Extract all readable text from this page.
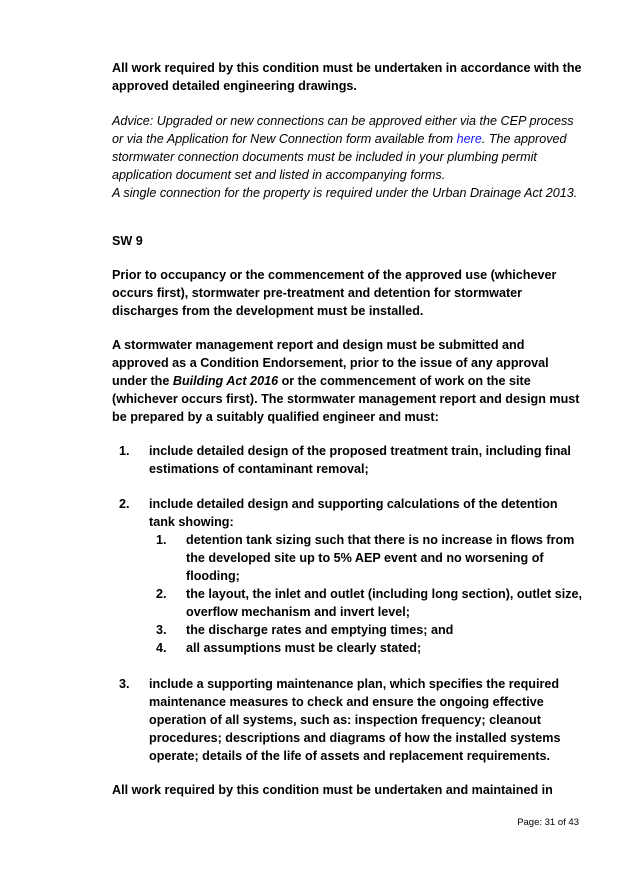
All work required by this condition must be undertaken in accordance with the
approved detailed engineering drawings.
Advice: Upgraded or new connections can be approved either via the CEP process
or via the Application for New Connection form available from here. The approved
stormwater connection documents must be included in your plumbing permit
application document set and listed in accompanying forms.
A single connection for the property is required under the Urban Drainage Act 2013.
SW 9
Prior to occupancy or the commencement of the approved use (whichever
occurs first), stormwater pre-treatment and detention for stormwater
discharges from the development must be installed.
A stormwater management report and design must be submitted and
approved as a Condition Endorsement, prior to the issue of any approval
under the Building Act 2016 or the commencement of work on the site
(whichever occurs first). The stormwater management report and design must
be prepared by a suitably qualified engineer and must:
1. include detailed design of the proposed treatment train, including final
estimations of contaminant removal;
2. include detailed design and supporting calculations of the detention
tank showing:
1. detention tank sizing such that there is no increase in flows from
the developed site up to 5% AEP event and no worsening of
flooding;
2. the layout, the inlet and outlet (including long section), outlet size,
overflow mechanism and invert level;
3. the discharge rates and emptying times; and
4. all assumptions must be clearly stated;
3. include a supporting maintenance plan, which specifies the required
maintenance measures to check and ensure the ongoing effective
operation of all systems, such as: inspection frequency; cleanout
procedures; descriptions and diagrams of how the installed systems
operate; details of the life of assets and replacement requirements.
All work required by this condition must be undertaken and maintained in
Page: 31 of 43
